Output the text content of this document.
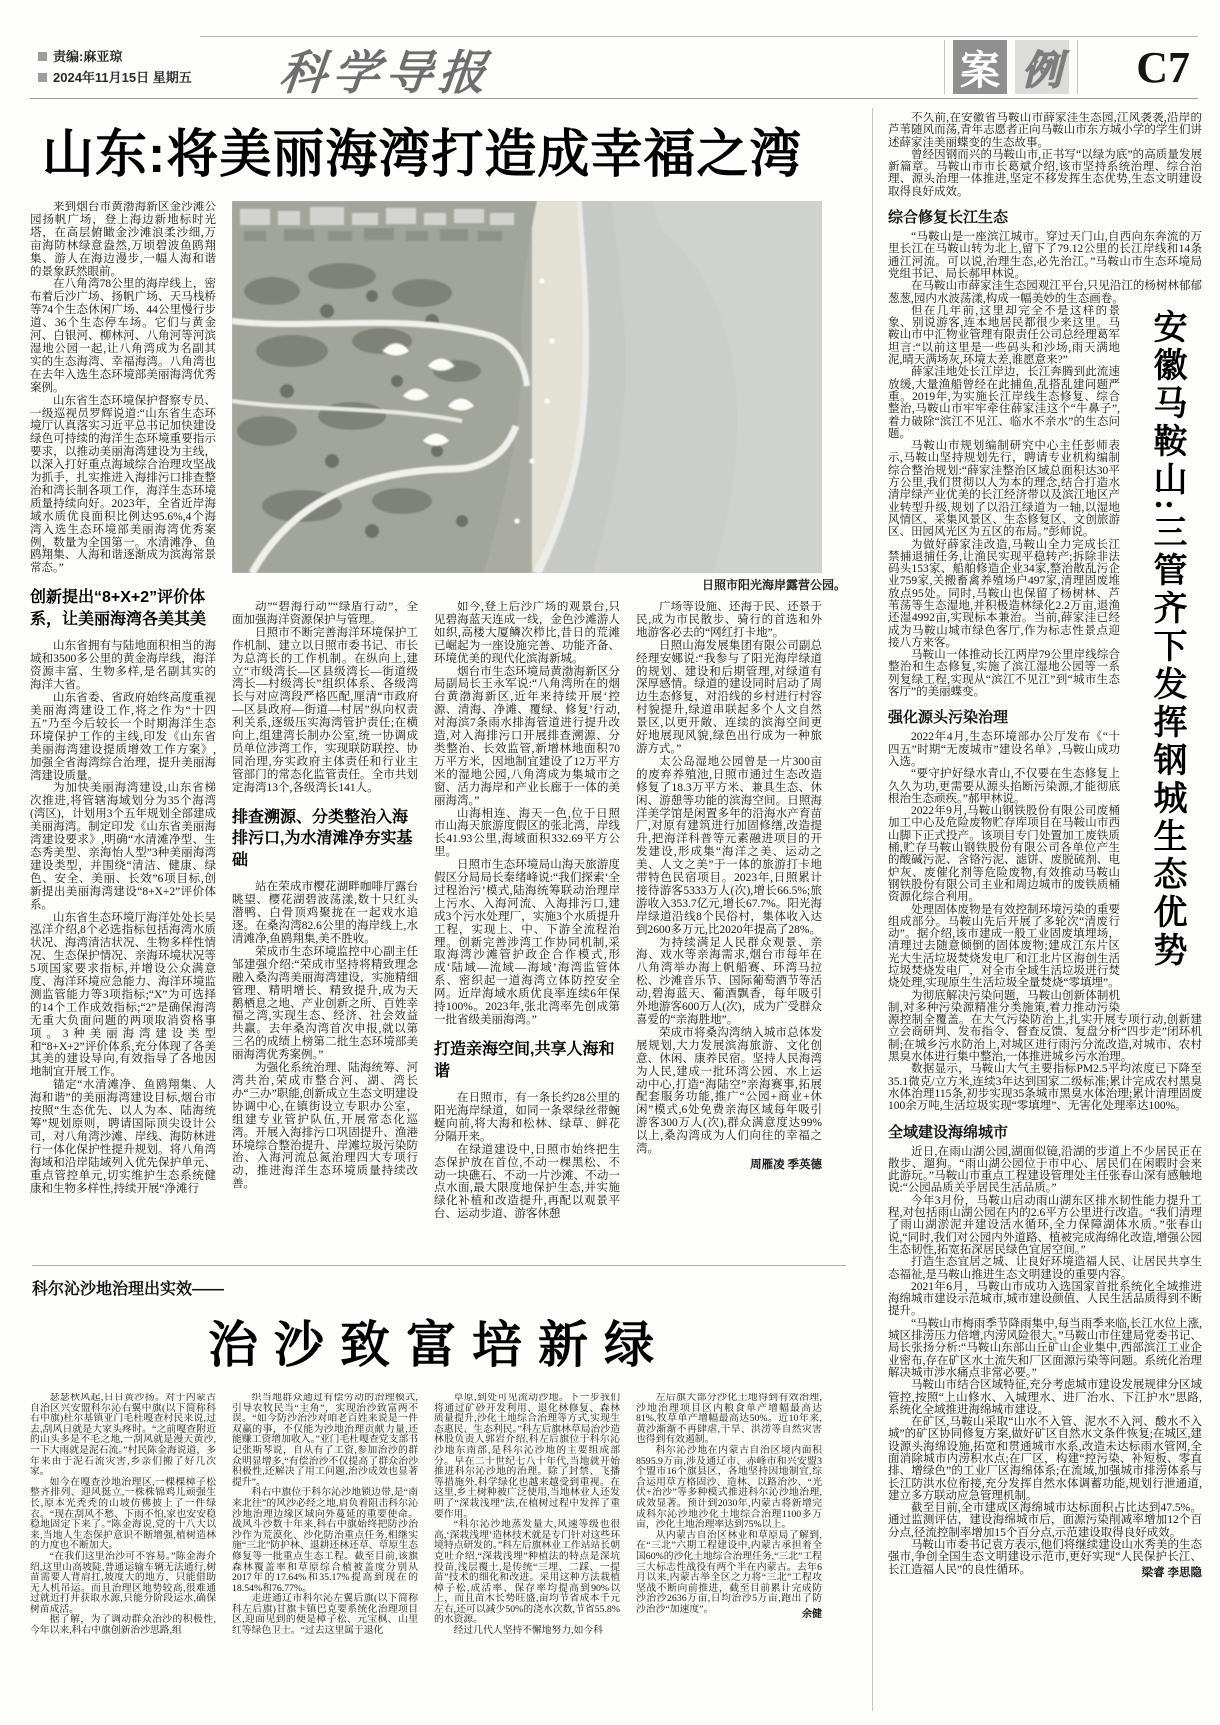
责编:麻亚琼
2024年11月15日 星期五 科学导报	案 例 C7
山东:将美丽海湾打造成幸福之湾

来到烟台市黄渤海新区金沙滩公园扬帆广场，登上海边新地标时光塔，在高层俯瞰金沙滩浪柔沙细,万亩海防林绿意盎然,万顷碧波鱼鸥翔集、游人在海边漫步,一幅人海和谐的景象跃然眼前。

在八角湾78公里的海岸线上，密布着后沙广场、扬帆广场、天马栈桥等74个生态休闲广场、44公里慢行步道、36个生态停车场。它们与黄金河、白银河、柳林河、八角河等河滨湿地公园一起,让八角湾成为名副其实的生态海湾、幸福海湾。八角湾也在去年入选生态环境部美丽海湾优秀案例。

山东省生态环境保护督察专员、一级巡视员罗辉说道:“山东省生态环境厅认真落实习近平总书记加快建设绿色可持续的海洋生态环境重要指示要求，以推动美丽海湾建设为主线，以深入打好重点海域综合治理攻坚战为抓手，扎实推进入海排污口排查整治和湾长制各项工作，海洋生态环境质量持续向好。2023年，全省近岸海域水质优良面积比例达95.6%,4个海湾入选生态环境部美丽海湾优秀案例，数量为全国第一。水清滩净、鱼鸥翔集、人海和谐逐渐成为滨海常景常态。”

创新提出“8+X+2”评价体系，让美丽海湾各美其美

山东省拥有与陆地面积相当的海域和3500多公里的黄金海岸线，海洋资源丰富、生物多样,是名副其实的海洋大省。

山东省委、省政府始终高度重视美丽海湾建设工作,将之作为“十四五”乃至今后较长一个时期海洋生态环境保护工作的主线,印发《山东省美丽海湾建设提质增效工作方案》,加强全省海湾综合治理，提升美丽海湾建设质量。

为加快美丽海湾建设,山东省梯次推进,将管辖海域划分为35个海湾(湾区)，计划用3个五年规划全部建成美丽海湾。制定印发《山东省美丽海湾建设要求》,明确“水清滩净型、生态秀美型、亲海怡人型”3种美丽海湾建设类型，并围绕“清洁、健康、绿色、安全、美丽、长效”6项目标,创新提出美丽海湾建设“8+X+2”评价体系。

山东省生态环境厅海洋处处长吴泓洋介绍,8个必选指标包括海湾水质状况、海湾清洁状况、生物多样性情况、生态保护情况、亲海环境状况等5项国家要求指标,并增设公众满意度、海洋环境应急能力、海洋环境监测监管能力等3项指标;“X”为可选择的14个工作成效指标;“2”是确保海湾无重大负面问题的两项取消资格事项。3种美丽海湾建设类型和“8+X+2”评价体系,充分体现了各美其美的建设导向,有效指导了各地因地制宜开展工作。

锚定“水清滩净、鱼鸥翔集、人海和谐”的美丽海湾建设目标,烟台市按照“生态优先、以人为本、陆海统筹”规划原则，聘请国际顶尖设计公司，对八角湾沙滩、岸线、海防林进行一体化保护性提升规划。将八角湾海域和沿岸陆域列入优先保护单元、重点管控单元,切实维护生态系统健康和生物多样性,持续开展“净滩行

日照市阳光海岸露营公园。

动”“碧海行动”“绿盾行动”，全面加强海洋资源保护与管理。

日照市不断完善海洋环境保护工作机制、建立以日照市委书记、市长为总湾长的工作机制。在纵向上,建立“市级湾长—区县级湾长—街道级湾长—村级湾长”组织体系、各级湾长与对应湾段严格匹配,厘清“市政府—区县政府—街道—村居”纵向权责利关系,逐级压实海湾管护责任;在横向上,组建湾长制办公室,统一协调成员单位涉湾工作，实现联防联控、协同治理,夯实政府主体责任和行业主管部门的常态化监管责任。全市共划定海湾13个,各级湾长141人。

排查溯源、分类整治入海排污口,为水清滩净夯实基础

站在荣成市樱花湖畔咖啡厅露台眺望、樱花湖碧波荡漾,数十只红头潜鸭、白骨顶鸡聚拢在一起戏水追逐。在桑沟湾82.6公里的海岸线上,水清滩净,鱼鸥翔集,美不胜收。

荣成市生态环境监控中心副主任邹建强介绍:“荣成市坚持将精致理念融入桑沟湾美丽海湾建设，实施精细管理、精明增长、精致提升,成为天鹅栖息之地、产业创新之所、百姓幸福之湾,实现生态、经济、社会效益共赢。去年桑沟湾首次申报,就以第三名的成绩上榜第二批生态环境部美丽海湾优秀案例。”

为强化系统治理、陆海统筹、河湾共治,荣成市整合河、湖、湾长办“三办”职能,创新成立生态文明建设协调中心,在镇街设立专职办公室，组建专业管护队伍,开展常态化巡湾。开展入海排污口巩固提升、渔港环境综合整治提升、岸滩垃圾污染防治、入海河流总氮治理四大专项行动，推进海洋生态环境质量持续改善。

如今,登上后沙广场的观景台,只见碧海蓝天连成一线，金色沙滩游人如织,高楼大厦鳞次栉比,昔日的荒滩已崛起为一座设施完善、功能齐备、环境优美的现代化滨海新城。

烟台市生态环境局黄渤海新区分局副局长王永军说:“八角湾所在的烟台黄渤海新区,近年来持续开展‘控源、清海、净滩、覆绿、修复’行动,对海滨7条雨水排海管道进行提升改造,对入海排污口开展排查溯源、分类整治、长效监管,新增林地面积70万平方米，因地制宜建设了12万平方米的湿地公园,八角湾成为集城市之窗、活力海岸和产业长廊于一体的美丽海湾。”

山海相连、海天一色,位于日照市山海天旅游度假区的张北湾，岸线长41.93公里,海域面积332.69平方公里。

日照市生态环境局山海天旅游度假区分局局长秦绪峰说:“我们探索‘全过程治污’模式,陆海统筹联动治理岸上污水、入海河流、入海排污口,建成3个污水处理厂，实施3个水质提升工程，实现上、中、下游全流程治理。创新完善涉湾工作协同机制,采取海湾沙滩管护政企合作模式,形成‘陆域—流域—海域’海湾监管体系、密织起一道海湾立体防控安全网。近岸海域水质优良率连续6年保持100%。2023年,张北湾率先创成第一批省级美丽海湾。”

打造亲海空间,共享人海和谐

在日照市，有一条长约28公里的阳光海岸绿道，如同一条翠绿丝带蜿蜒向前,将大海和松林、绿草、鲜花分隔开来。

在绿道建设中,日照市始终把生态保护放在首位,不动一棵黑松、不动一块礁石、不动一片沙滩、不动一点水面,最大限度地保护生态,并实施绿化补植和改造提升,再配以观景平台、运动步道、游客休憩

广场等设施、还海于民、还景于民,成为市民散步、骑行的首选和外地游客必去的“网红打卡地”。

日照山海发展集团有限公司副总经理安娜说:“我参与了阳光海岸绿道的规划、建设和后期管理,对绿道有深厚感情。绿道的建设同时启动了周边生态修复，对沿线的乡村进行村容村貌提升,绿道串联起多个人文自然景区,以更开敞、连续的滨海空间更好地展现风貌,绿色出行成为一种旅游方式。”

太公岛湿地公园曾是一片300亩的废弃养殖池,日照市通过生态改造修复了18.3万平方米、兼具生态、休闲、游憩等功能的滨海空间。日照海洋美学馆是闲置多年的沿海水产育苗厂,对原有建筑进行加固修缮,改造提升,把海洋科普等元素融进项目的开发建设,形成集“海洋之美、运动之美、人文之美”于一体的旅游打卡地带特色民宿项目。2023年,日照累计接待游客5333万人(次),增长66.5%;旅游收入353.7亿元,增长67.7%。阳光海岸绿道沿线8个民俗村，集体收入达到2600多万元,比2020年提高了28%。

为持续满足人民群众观景、亲海、戏水等亲海需求,烟台市每年在八角湾举办海上帆船赛、环湾马拉松、沙滩音乐节、国际葡萄酒节等活动,碧海蓝天、葡酒飘香，每年吸引外地游客600万人(次)，成为广受群众喜爱的“亲海胜地”。

荣成市将桑沟湾纳入城市总体发展规划,大力发展滨海旅游、文化创意、休闲、康养民宿。坚持人民海湾为人民,建成一批环湾公园、水上运动中心,打造“海陆空”亲海赛事,拓展配套服务功能,推广“公园+商业+休闲”模式,6处免费亲海区域每年吸引游客300万人(次),群众满意度达99%以上,桑沟湾成为人们向往的幸福之湾。

周雁凌 季英德
科尔沁沙地治理出实效——
治沙致富培新绿

瑟瑟秋风起,日日黄沙扬。对于内蒙古自治区兴安盟科尔沁右翼中旗(以下简称科右中旗)杜尔基镇亚门毛杜嘎查村民来说,过去,刮风日就是大家头疼时。“之前嘎查附近的山头多是不毛之地,一刮风就是漫天黄沙,一下大雨就是泥石流。”村民陈金海说道，多年来由于泥石流灾害,乡亲们搬了好几次家。

如今在嘎查沙地治理区,一棵棵樟子松整齐排列、迎风挺立,一株株锦鸡儿顽强生长,原本光秃秃的山坡仿佛披上了一件绿衣。“现在刮风不愁、下雨不怕,家也安安稳稳地固定下来了。”陈金海说,党的十八大以来,当地人生态保护意识不断增强,植树造林的力度也不断加大。

“在我们这里治沙可不容易。”陈金海介绍,这里山高坡陡,普通运输车辆无法通行,树苗需要人背肩扛,坡度大的地方，只能借助无人机吊运。而且治理区地势较高,很难通过就近打井获取水源,只能分阶段运水,确保树苗成活。

据了解，为了调动群众治沙的积极性,今年以来,科右中旗创新治沙思路,组

织当地群众通过有偿劳动的治理模式,引导农牧民当“主角”，实现治沙致富两不误。“如今防沙治沙对咱老百姓来说是一件双赢的事，不仅能为沙地治理贡献力量,还能赚工资增加收入。”亚门毛杜嘎查党支部书记张斯琴说，自从有了工资,参加治沙的群众明显增多,“有偿治沙不仅提高了群众治沙积极性,还解决了用工问题,治沙成效也显著提升”。

科右中旗位于科尔沁沙地锁边带,是“南来北往”的风沙必经之地,肩负着阻击科尔沁沙地治理边缘区域向外蔓延的重要使命。战风斗沙数十年来,科右中旗始终把防沙治沙作为荒漠化、沙化防治重点任务,相继实施“三北”防护林、退耕还林还草、草原生态修复等一批重点生态工程。截至目前,该旗森林覆盖率和草原综合植被盖度分别从2017年的17.64%和35.17%提高到现在的18.54%和76.77%。

走进通辽市科尔沁左翼后旗(以下简称科左后旗)甘旗卡镇巴克要系统化治理项目区,迎面见到的便是樟子松、元宝枫、山里红等绿色卫士。“过去这里属于退化

草原,到处可见流动沙地。下一步我们将通过矿砂开发利用、退化林修复、森林质量提升,沙化土地综合治理等方式,实现生态惠民、生态利民。”科左后旗林草局治沙造林股负责人郭岩介绍,科左后旗位于科尔沁沙地东南部,是科尔沁沙地的主要组成部分。早在二十世纪七八十年代,当地就开始推进科尔沁沙地的治理。除了封禁、飞播等措施外,科学绿化也越来越受到重视。在这里,乡土树种被广泛使用,当地林业人还发明了“深栽浅埋”法,在植树过程中发挥了重要作用。

“科尔沁沙地蒸发量大,风速等级也很高,‘深栽浅埋’造林技术就是专门针对这些环境特点研发的。”科左后旗林业工作站站长朝克吐介绍,“深栽浅埋”种植法的特点是深坑投苗,浅层覆土,是传统“三埋、二踩、一提苗”技术的细化和改进。采用这种方法栽植樟子松,成活率、保存率均提高到90%以上，而且苗木长势旺盛,亩均节省成本千元左右,还可以减少50%的浇水次数,节省55.8%的水资源。

经过几代人坚持不懈地努力,如今科

左后旗大部分沙化土地得到有效治理,沙地治理项目区内粮食单产增幅最高达81%,牧草单产增幅最高达50%。近10年来,黄沙渐渐不再肆虐,干旱、洪涝等自然灾害也得到有效遏制。

科尔沁沙地在内蒙古自治区境内面积8595.9万亩,涉及通辽市、赤峰市和兴安盟3个盟市16个旗县区，各地坚持因地制宜,综合运用草方格固沙、造林、以路治沙、“光伏+治沙”等多种模式推进科尔沁沙地治理,成效显著。预计到2030年,内蒙古将新增完成科尔沁沙地沙化土地综合治理1100多万亩，沙化土地治理率达到75%以上。

从内蒙古自治区林业和草原局了解到,在“三北”六期工程建设中,内蒙古承担着全国60%的沙化土地综合治理任务,“三北”工程三大标志性战役有两个半在内蒙古。去年6月以来,内蒙古举全区之力将“三北”工程攻坚战不断向前推进，截至目前累计完成防沙治沙2636万亩,日均治沙5万亩,跑出了防沙治沙“加速度”。	余健

不久前,在安徽省马鞍山市薛家洼生态园,江风袭袭,沿岸的芦苇随风而荡,青年志愿者正向马鞍山市东方城小学的学生们讲述薛家洼美丽蝶变的生态故事。

曾经因钢而兴的马鞍山市,正书写“以绿为底”的高质量发展新篇章。马鞍山市市长葛斌介绍,该市坚持系统治理、综合治理、源头治理一体推进,坚定不移发挥生态优势,生态文明建设取得良好成效。

综合修复长江生态

“马鞍山是一座滨江城市。穿过天门山,自西向东奔流的万里长江在马鞍山转为北上,留下了79.12公里的长江岸线和14条通江河流。可以说,治理生态,必先治江。”马鞍山市生态环境局党组书记、局长郝甲林说。

在马鞍山市薛家洼生态园观江平台,只见沿江的杨树林郁郁葱葱,园内水波荡漾,构成一幅美妙的生态画卷。

安徽马鞍山:三管齐下发挥钢城生态优势

但在几年前,这里却完全不是这样的景象、别说游客,连本地居民都很少来这里。马鞍山市中汇物业管理有限责任公司总经理葛军坦言:“以前这里是一些码头和沙场,雨天满地泥,晴天满场灰,环境太差,谁愿意来?”

薛家洼地处长江岸边，长江奔腾到此流速放缓,大量渔船曾经在此捕鱼,乱搭乱建问题严重。2019年,为实施长江岸线生态修复、综合整治,马鞍山市牢牢牵住薛家洼这个“牛鼻子”,着力破除“滨江不见江、临水不亲水”的生态问题。

马鞍山市规划编制研究中心主任彭师表示,马鞍山坚持规划先行，聘请专业机构编制综合整治规划:“薛家洼整治区域总面积达30平方公里,我们贯彻以人为本的理念,结合打造水清岸绿产业优美的长江经济带以及滨江地区产业转型升级,规划了以沿江绿道为一轴,以湿地风情区、采集风景区、生态修复区、文创旅游区、田园风光区为五区的布局。”彭师说。

为做好薛家洼改造,马鞍山全力完成长江禁捕退捕任务,让渔民实现平稳转产;拆除非法码头153家、船舶修造企业34家,整治散乱污企业759家,关搬畜禽养殖场户497家,清理固废堆放点95处。同时,马鞍山也保留了杨树林、芦苇荡等生态湿地,并积极造林绿化2.2万亩,退渔还湿4992亩,实现标本兼治。当前,薛家洼已经成为马鞍山城市绿色客厅,作为标志性景点迎接八方来客。

马鞍山一体推动长江两岸79公里岸线综合整治和生态修复,实施了滨江湿地公园等一系列复绿工程,实现从“滨江不见江”到“城市生态客厅”的美丽蝶变。

强化源头污染治理

2022年4月,生态环境部办公厅发布《“十四五”时期“无废城市”建设名单》,马鞍山成功入选。

“要守护好绿水青山,不仅要在生态修复上久久为功,更需要从源头掐断污染源,才能彻底根治生态顽疾。”郝甲林说。

2022年9月,马鞍山钢铁股份有限公司废桶加工中心及危险废物贮存库项目在马鞍山市西山脚下正式投产。该项目专门处置加工废铁质桶,贮存马鞍山钢铁股份有限公司各单位产生的酸碱污泥、含铬污泥、滤饼、废脱硫剂、电炉灰、废催化剂等危险废物,有效推动马鞍山钢铁股份有限公司主业和周边城市的废铁质桶资源化综合利用。

处理固体废物是有效控制环境污染的重要组成部分。马鞍山先后开展了多轮次“清废行动”。据介绍,该市建成一般工业固废填埋场，清理过去随意倾倒的固体废物;建成江东片区光大生活垃圾焚烧发电厂和江北片区海创生活垃圾焚烧发电厂，对全市全域生活垃圾进行焚烧处理,实现原生生活垃圾全量焚烧“零填埋”。

为彻底解决污染问题，马鞍山创新体制机制,对多种污染源精准分类施策,着力推动污染源控制全覆盖。在大气污染防治上,扎实开展专项行动,创新建立会商研判、发布指令、督查反馈、复盘分析“四步走”闭环机制;在城乡污水防治上,对城区进行雨污分流改造,对城市、农村黑臭水体进行集中整治,一体推进城乡污水治理。

数据显示，马鞍山大气主要指标PM2.5平均浓度已下降至35.1微克/立方米,连续3年达到国家二级标准;累计完成农村黑臭水体治理115条,初步实现35条城市黑臭水体治理;累计清理固废100余万吨,生活垃圾实现“零填埋”、无害化处理率达100%。

全域建设海绵城市

近日,在雨山湖公园,湖面似镜,沿湖的步道上不少居民正在散步、遛狗。“雨山湖公园位于市中心、居民们在闲暇时会来此游玩。”马鞍山市重点工程建设管理处主任张春山深有感触地说:“公园品质关乎居民生活品质。”

今年3月份，马鞍山启动雨山湖东区排水韧性能力提升工程,对包括雨山湖公园在内的2.6平方公里进行改造。“我们清理了雨山湖淤泥并建设活水循环,全力保障湖体水质。”张春山说,“同时,我们对公园内外道路、植被完成海绵化改造,增强公园生态韧性,拓宽拓深居民绿色宜居空间。”

打造生态宜居之城、让良好环境造福人民、让居民共享生态福祉,是马鞍山推进生态文明建设的重要内容。

2021年6月，马鞍山市成功入选国家首批系统化全域推进海绵城市建设示范城市,城市建设颜值、人民生活品质得到不断提升。

“马鞍山市梅雨季节降雨集中,每当雨季来临,长江水位上涨,城区排涝压力倍增,内涝风险很大。”马鞍山市住建局党委书记、局长张扬分析:“马鞍山东部山丘矿山企业集中,西部滨江工业企业密布,存在矿区水土流失和厂区面源污染等问题。系统化治理解决城市涉水痛点非常必要。”

马鞍山市结合区域特征,充分考虑城市建设发展规律分区域管控,按照“上山修水、入城理水、进厂治水、下江护水”思路,系统化全域推进海绵城市建设。

在矿区,马鞍山采取“山水不入管、泥水不入河、酸水不入城”的矿区协同修复方案,做好矿区自然水文条件恢复;在城区,建设源头海绵设施,拓宽和贯通城市水系,改造未达标雨水管网,全面消除城市内涝积水点;在厂区，构建“控污染、补短板、零直排、增绿色”的工业厂区海绵体系;在流域,加强城市排涝体系与长江防洪水位衔接,充分发挥自然水体调蓄功能,规划行泄通道,建立多方联动应急管理机制。

截至目前,全市建成区海绵城市达标面积占比达到47.5%。通过监测评估，建设海绵城市后，面源污染削减率增加12个百分点,径流控制率增加15个百分点,示范建设取得良好成效。

马鞍山市委书记袁方表示,他们将继续建设山水秀美的生态强市,争创全国生态文明建设示范市,更好实现“人民保护长江、长江造福人民”的良性循环。	梁睿 李思隐
